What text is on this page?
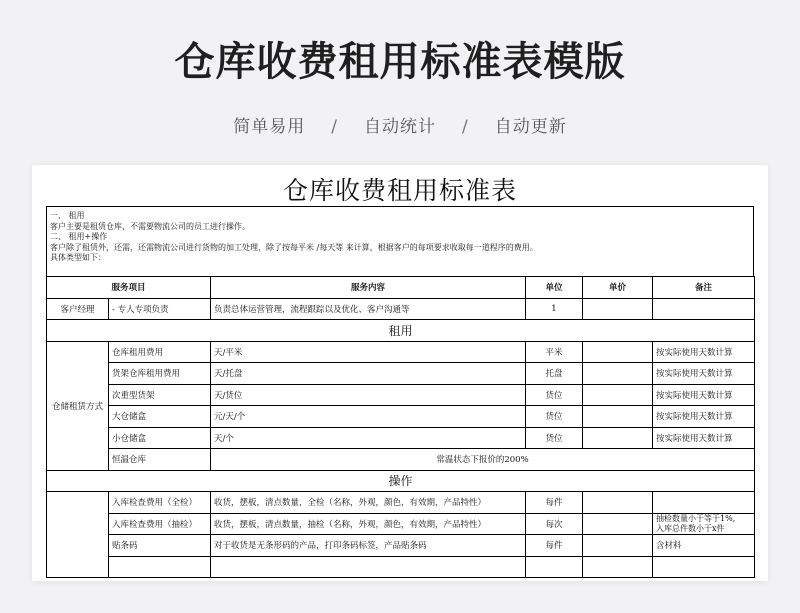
仓库收费租用标准表模版
简单易用 / 自动统计 / 自动更新
仓库收费租用标准表
一、 租用
客户主要是租赁仓库，不需要物流公司的员工进行操作。
二、 租用+操作
客户除了租赁外，还需，还需物流公司进行货物的加工处理，除了按每平米 /每天等 来计算，根据客户的每项要求收取每一道程序的费用。
具体类型如下：
服务项目		服务内容	单位	单价	备注
客户经理	- 专人专项负责	负责总体运营管理，流程跟踪以及优化、客户沟通等	1		
租用					
仓储租赁方式	仓库租用费用	天/平米	平米		按实际使用天数计算
	货架仓库租用费用	天/托盘	托盘		按实际使用天数计算
	次重型货架	天/货位	货位		按实际使用天数计算
	大仓储盒	元/天/个	货位		按实际使用天数计算
	小仓储盒	天/个	货位		按实际使用天数计算
	恒温仓库	常温状态下报价的200%			
操作					
	入库检查费用（全检）	收货，摆板，清点数量，全检（名称，外观，颜色，有效期，产品特性）	每件		
	入库检查费用（抽检）	收货，摆板，清点数量，抽检（名称，外观，颜色，有效期，产品特性）	每次		抽检数量小于等于1%,
入库总件数小于x件

	贴条码	对于收货是无条形码的产品，打印条码标签，产品贴条码	每件		含材料
